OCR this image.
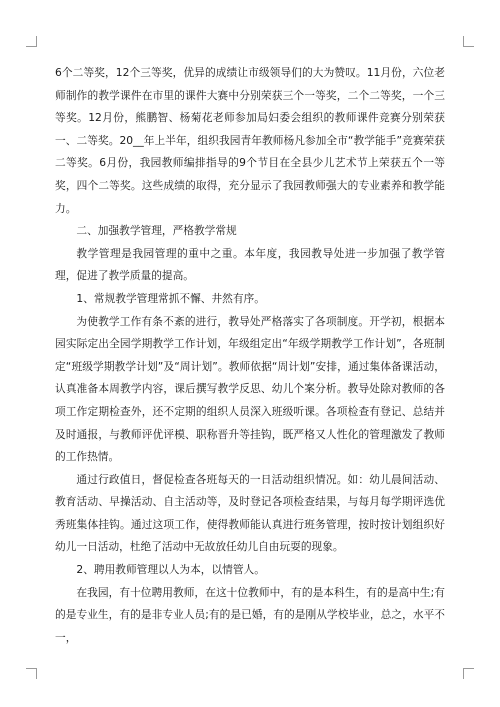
6个二等奖，12个三等奖，优异的成绩让市级领导们的大为赞叹。11月份，六位老师制作的教学课件在市里的课件大赛中分别荣获三个一等奖，二个二等奖，一个三等奖。12月份，熊鹏智、杨菊花老师参加局妇委会组织的教师课件竞赛分别荣获一、二等奖。20__年上半年，组织我园青年教师杨凡参加全市“教学能手”竞赛荣获二等奖。6月份，我园教师编排指导的9个节目在全县少儿艺术节上荣获五个一等奖，四个二等奖。这些成绩的取得，充分显示了我园教师强大的专业素养和教学能力。

二、加强教学管理，严格教学常规

教学管理是我园管理的重中之重。本年度，我园教导处进一步加强了教学管理，促进了教学质量的提高。

1、常规教学管理常抓不懈、井然有序。

为使教学工作有条不紊的进行，教导处严格落实了各项制度。开学初，根据本园实际定出全园学期教学工作计划，年级组定出“年级学期教学工作计划”，各班制定“班级学期教学计划”及“周计划”。教师依据“周计划”安排，通过集体备课活动，认真准备本周教学内容，课后撰写教学反思、幼儿个案分析。教导处除对教师的各项工作定期检查外，还不定期的组织人员深入班级听课。各项检查有登记、总结并及时通报，与教师评优评模、职称晋升等挂钩，既严格又人性化的管理激发了教师的工作热情。

通过行政值日，督促检查各班每天的一日活动组织情况。如：幼儿晨间活动、教育活动、早操活动、自主活动等，及时登记各项检查结果，与每月每学期评选优秀班集体挂钩。通过这项工作，使得教师能认真进行班务管理，按时按计划组织好幼儿一日活动，杜绝了活动中无故放任幼儿自由玩耍的现象。

2、聘用教师管理以人为本，以情管人。

在我园，有十位聘用教师，在这十位教师中，有的是本科生，有的是高中生;有的是专业生，有的是非专业人员;有的是已婚，有的是刚从学校毕业，总之，水平不一，
